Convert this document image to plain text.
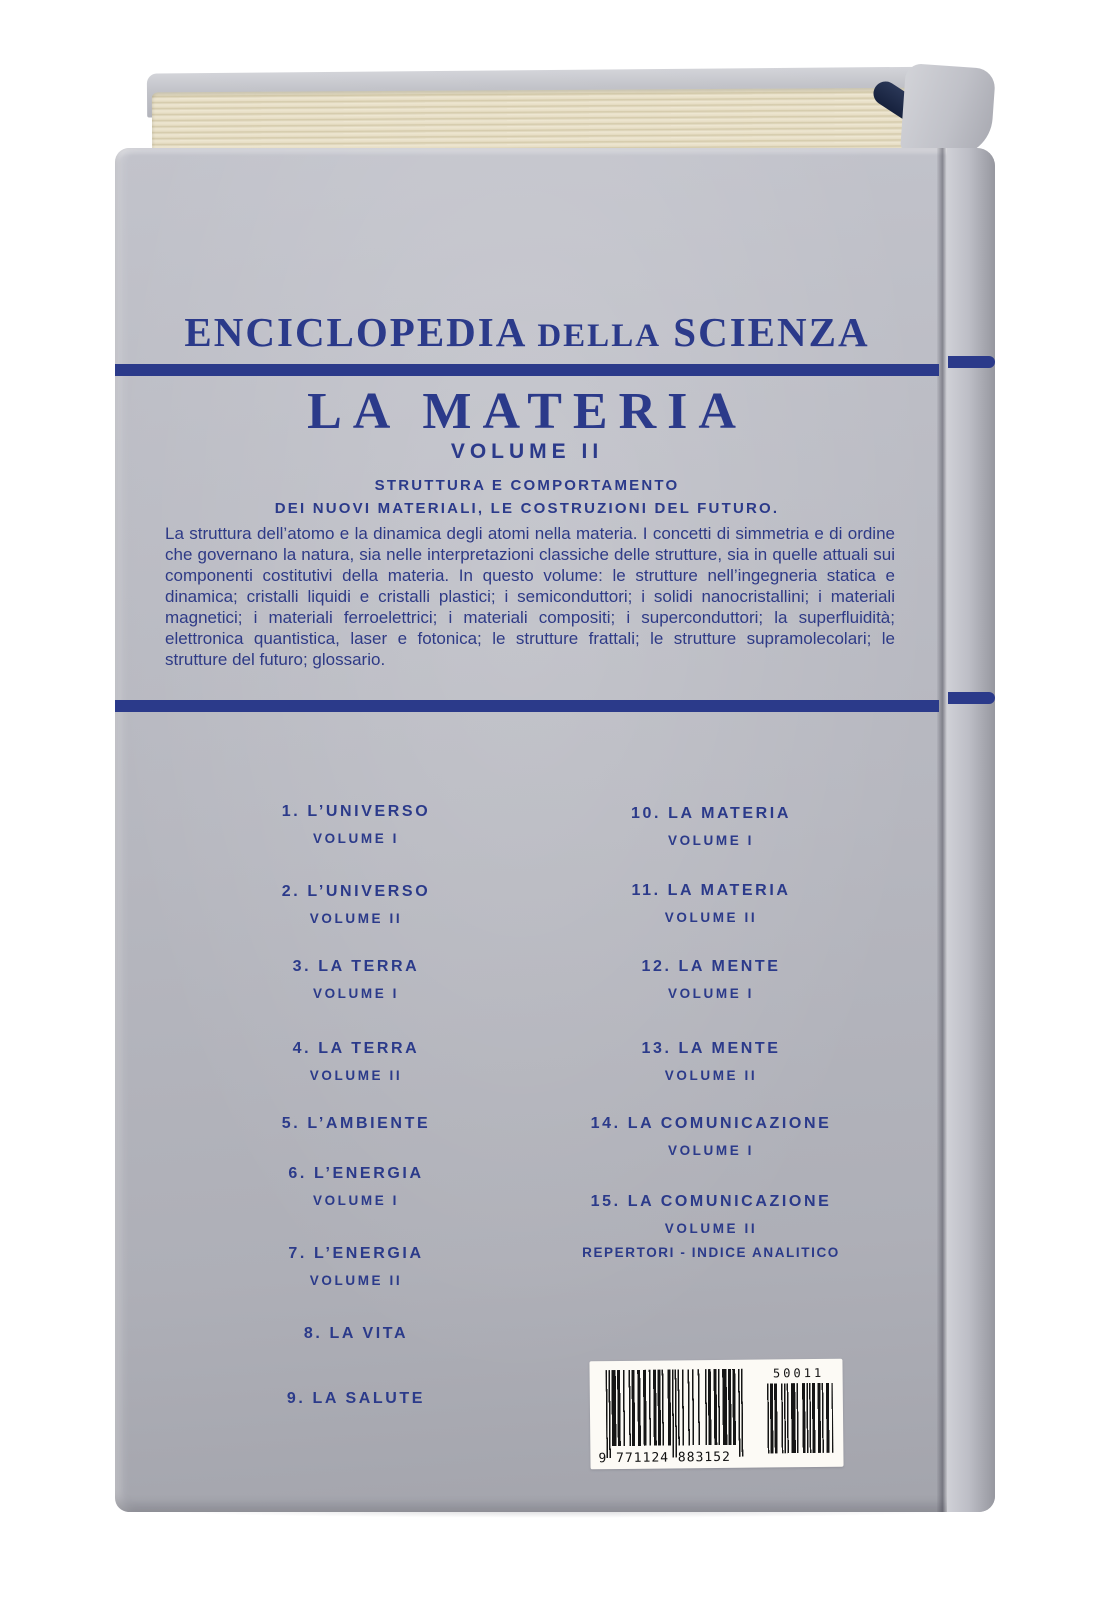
ENCICLOPEDIA DELLA SCIENZA
LA MATERIA
VOLUME II
STRUTTURA E COMPORTAMENTO
DEI NUOVI MATERIALI, LE COSTRUZIONI DEL FUTURO.

La struttura dell’atomo e la dinamica degli atomi nella materia. I concetti di simmetria e di ordine che governano la natura, sia nelle interpretazioni classiche delle strutture, sia in quelle attuali sui componenti costitutivi della materia. In questo volume: le strutture nell’ingegneria statica e dinamica; cristalli liquidi e cristalli plastici; i semiconduttori; i solidi nanocristallini; i materiali magnetici; i materiali ferroelettrici; i materiali compositi; i superconduttori; la superfluidità; elettronica quantistica, laser e fotonica; le strutture frattali; le strutture supramolecolari; le strutture del futuro; glossario.

1. L’UNIVERSO
VOLUME I
2. L’UNIVERSO
VOLUME II
3. LA TERRA
VOLUME I
4. LA TERRA
VOLUME II
5. L’AMBIENTE
6. L’ENERGIA
VOLUME I
7. L’ENERGIA
VOLUME II
8. LA VITA
9. LA SALUTE
10. LA MATERIA
VOLUME I
11. LA MATERIA
VOLUME II
12. LA MENTE
VOLUME I
13. LA MENTE
VOLUME II
14. LA COMUNICAZIONE
VOLUME I
15. LA COMUNICAZIONE
VOLUME II
REPERTORI - INDICE ANALITICO
9 771124 883152
50011
